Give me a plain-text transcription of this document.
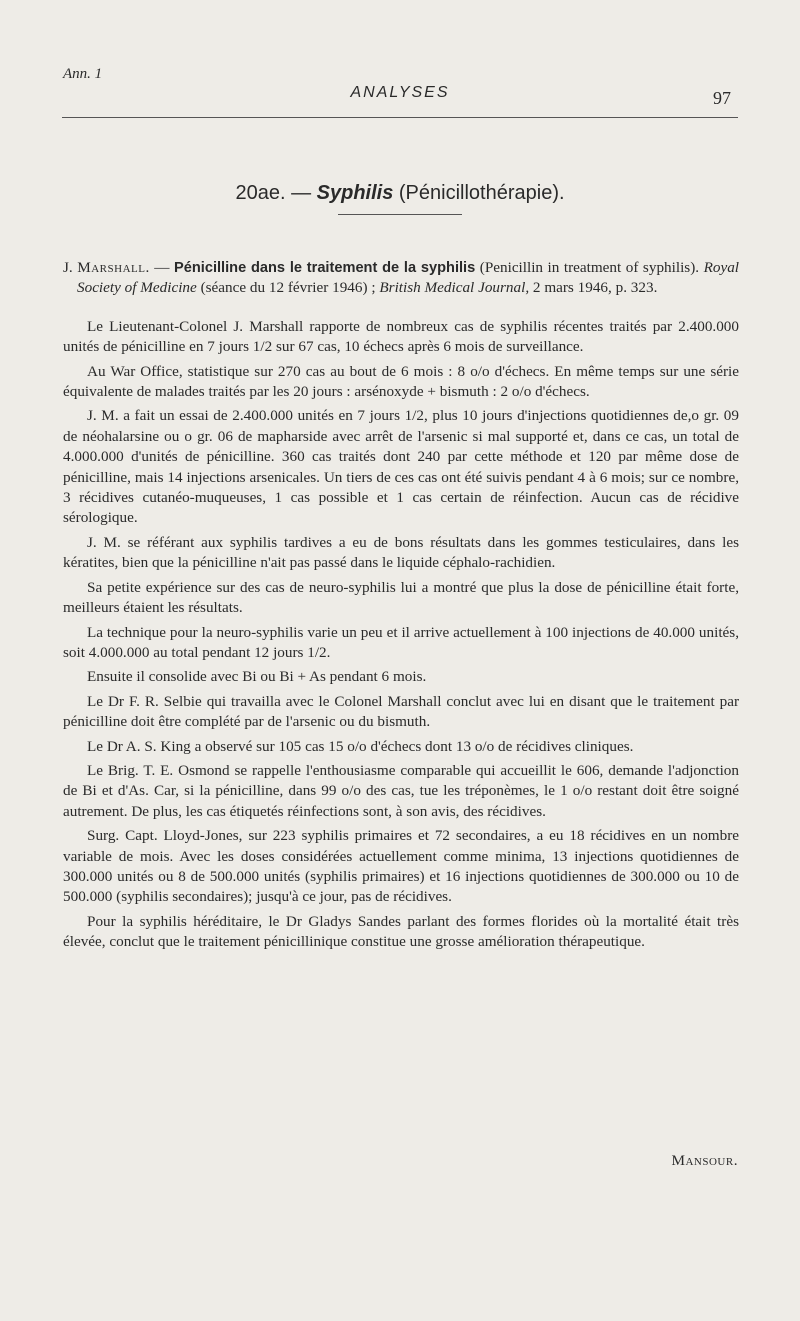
Ann. 1
ANALYSES	97
20ae. — Syphilis (Pénicillothérapie).

J. Marshall. — Pénicilline dans le traitement de la syphilis (Penicillin in treatment of syphilis). Royal Society of Medicine (séance du 12 février 1946) ; British Medical Journal, 2 mars 1946, p. 323.

Le Lieutenant-Colonel J. Marshall rapporte de nombreux cas de syphilis récentes traités par 2.400.000 unités de pénicilline en 7 jours 1/2 sur 67 cas, 10 échecs après 6 mois de surveillance.

Au War Office, statistique sur 270 cas au bout de 6 mois : 8 o/o d'échecs. En même temps sur une série équivalente de malades traités par les 20 jours : arsénoxyde + bismuth : 2 o/o d'échecs.

J. M. a fait un essai de 2.400.000 unités en 7 jours 1/2, plus 10 jours d'injections quotidiennes de,o gr. 09 de néohalarsine ou o gr. 06 de mapharside avec arrêt de l'arsenic si mal supporté et, dans ce cas, un total de 4.000.000 d'unités de pénicilline. 360 cas traités dont 240 par cette méthode et 120 par même dose de pénicilline, mais 14 injections arsenicales. Un tiers de ces cas ont été suivis pendant 4 à 6 mois; sur ce nombre, 3 récidives cutanéo-muqueuses, 1 cas possible et 1 cas certain de réinfection. Aucun cas de récidive sérologique.

J. M. se référant aux syphilis tardives a eu de bons résultats dans les gommes testiculaires, dans les kératites, bien que la pénicilline n'ait pas passé dans le liquide céphalo-rachidien.

Sa petite expérience sur des cas de neuro-syphilis lui a montré que plus la dose de pénicilline était forte, meilleurs étaient les résultats.

La technique pour la neuro-syphilis varie un peu et il arrive actuellement à 100 injections de 40.000 unités, soit 4.000.000 au total pendant 12 jours 1/2.

Ensuite il consolide avec Bi ou Bi + As pendant 6 mois.

Le Dr F. R. Selbie qui travailla avec le Colonel Marshall conclut avec lui en disant que le traitement par pénicilline doit être complété par de l'arsenic ou du bismuth.

Le Dr A. S. King a observé sur 105 cas 15 o/o d'échecs dont 13 o/o de récidives cliniques.

Le Brig. T. E. Osmond se rappelle l'enthousiasme comparable qui accueillit le 606, demande l'adjonction de Bi et d'As. Car, si la pénicilline, dans 99 o/o des cas, tue les tréponèmes, le 1 o/o restant doit être soigné autrement. De plus, les cas étiquetés réinfections sont, à son avis, des récidives.

Surg. Capt. Lloyd-Jones, sur 223 syphilis primaires et 72 secondaires, a eu 18 récidives en un nombre variable de mois. Avec les doses considérées actuellement comme minima, 13 injections quotidiennes de 300.000 unités ou 8 de 500.000 unités (syphilis primaires) et 16 injections quotidiennes de 300.000 ou 10 de 500.000 (syphilis secondaires); jusqu'à ce jour, pas de récidives.

Pour la syphilis héréditaire, le Dr Gladys Sandes parlant des formes florides où la mortalité était très élevée, conclut que le traitement pénicillinique constitue une grosse amélioration thérapeutique.

Mansour.
